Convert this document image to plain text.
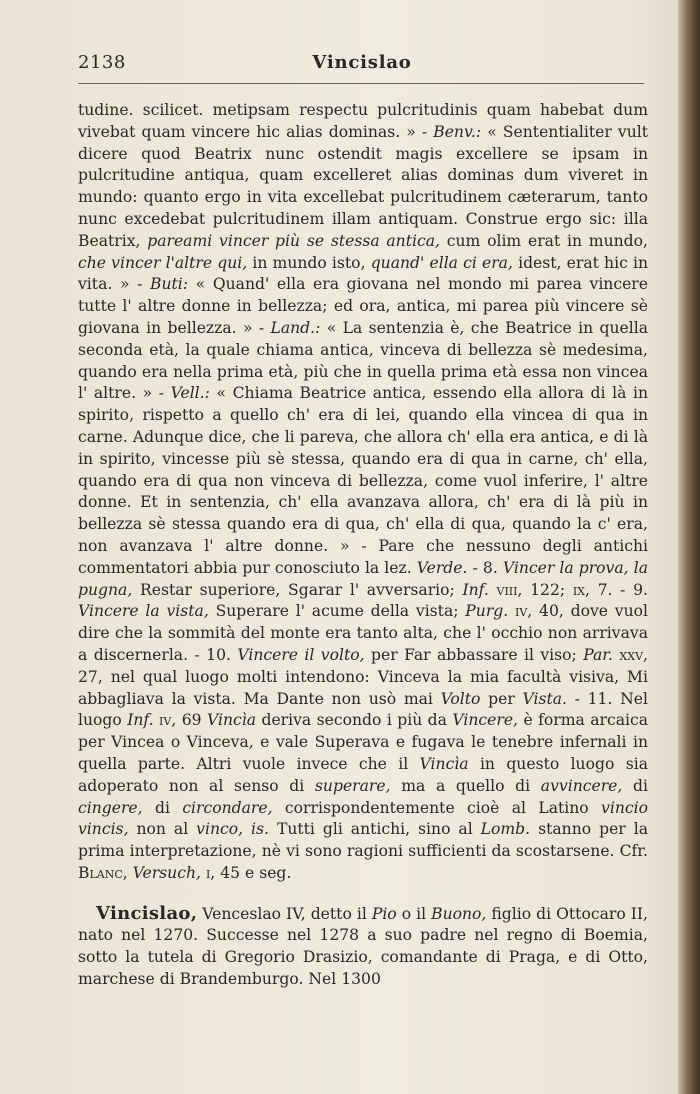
2138	Vincislao

tudine. scilicet. metipsam respectu pulcritudinis quam habebat dum vivebat quam vincere hic alias dominas. » - Benv.: « Sententialiter vult dicere quod Beatrix nunc ostendit magis excellere se ipsam in pulcritudine antiqua, quam excelleret alias dominas dum viveret in mundo: quanto ergo in vita excellebat pulcritudinem cæterarum, tanto nunc excedebat pulcritudinem illam antiquam. Construe ergo sic: illa Beatrix, pareami vincer più se stessa antica, cum olim erat in mundo, che vincer l'altre qui, in mundo isto, quand' ella ci era, idest, erat hic in vita. » - Buti: « Quand' ella era giovana nel mondo mi parea vincere tutte l' altre donne in bellezza; ed ora, antica, mi parea più vincere sè giovana in bellezza. » - Land.: « La sentenzia è, che Beatrice in quella seconda età, la quale chiama antica, vinceva di bellezza sè medesima, quando era nella prima età, più che in quella prima età essa non vincea l' altre. » - Vell.: « Chiama Beatrice antica, essendo ella allora di là in spirito, rispetto a quello ch' era di lei, quando ella vincea di qua in carne. Adunque dice, che li pareva, che allora ch' ella era antica, e di là in spirito, vincesse più sè stessa, quando era di qua in carne, ch' ella, quando era di qua non vinceva di bellezza, come vuol inferire, l' altre donne. Et in sentenzia, ch' ella avanzava allora, ch' era di là più in bellezza sè stessa quando era di qua, ch' ella di qua, quando la c' era, non avanzava l' altre donne. » - Pare che nessuno degli antichi commentatori abbia pur conosciuto la lez. Verde. - 8. Vincer la prova, la pugna, Restar superiore, Sgarar l' avversario; Inf. viii, 122; ix, 7. - 9. Vincere la vista, Superare l' acume della vista; Purg. iv, 40, dove vuol dire che la sommità del monte era tanto alta, che l' occhio non arrivava a discernerla. - 10. Vincere il volto, per Far abbassare il viso; Par. xxv, 27, nel qual luogo molti intendono: Vinceva la mia facultà visiva, Mi abbagliava la vista. Ma Dante non usò mai Volto per Vista. - 11. Nel luogo Inf. iv, 69 Vincìa deriva secondo i più da Vincere, è forma arcaica per Vincea o Vinceva, e vale Superava e fugava le tenebre infernali in quella parte. Altri vuole invece che il Vincìa in questo luogo sia adoperato non al senso di superare, ma a quello di avvincere, di cingere, di circondare, corrispondentemente cioè al Latino vincio vincis, non al vinco, is. Tutti gli antichi, sino al Lomb. stanno per la prima interpretazione, nè vi sono ragioni sufficienti da scostarsene. Cfr. Blanc, Versuch, i, 45 e seg.

Vincislao, Venceslao IV, detto il Pio o il Buono, figlio di Ottocaro II, nato nel 1270. Successe nel 1278 a suo padre nel regno di Boemia, sotto la tutela di Gregorio Drasizio, comandante di Praga, e di Otto, marchese di Brandemburgo. Nel 1300
